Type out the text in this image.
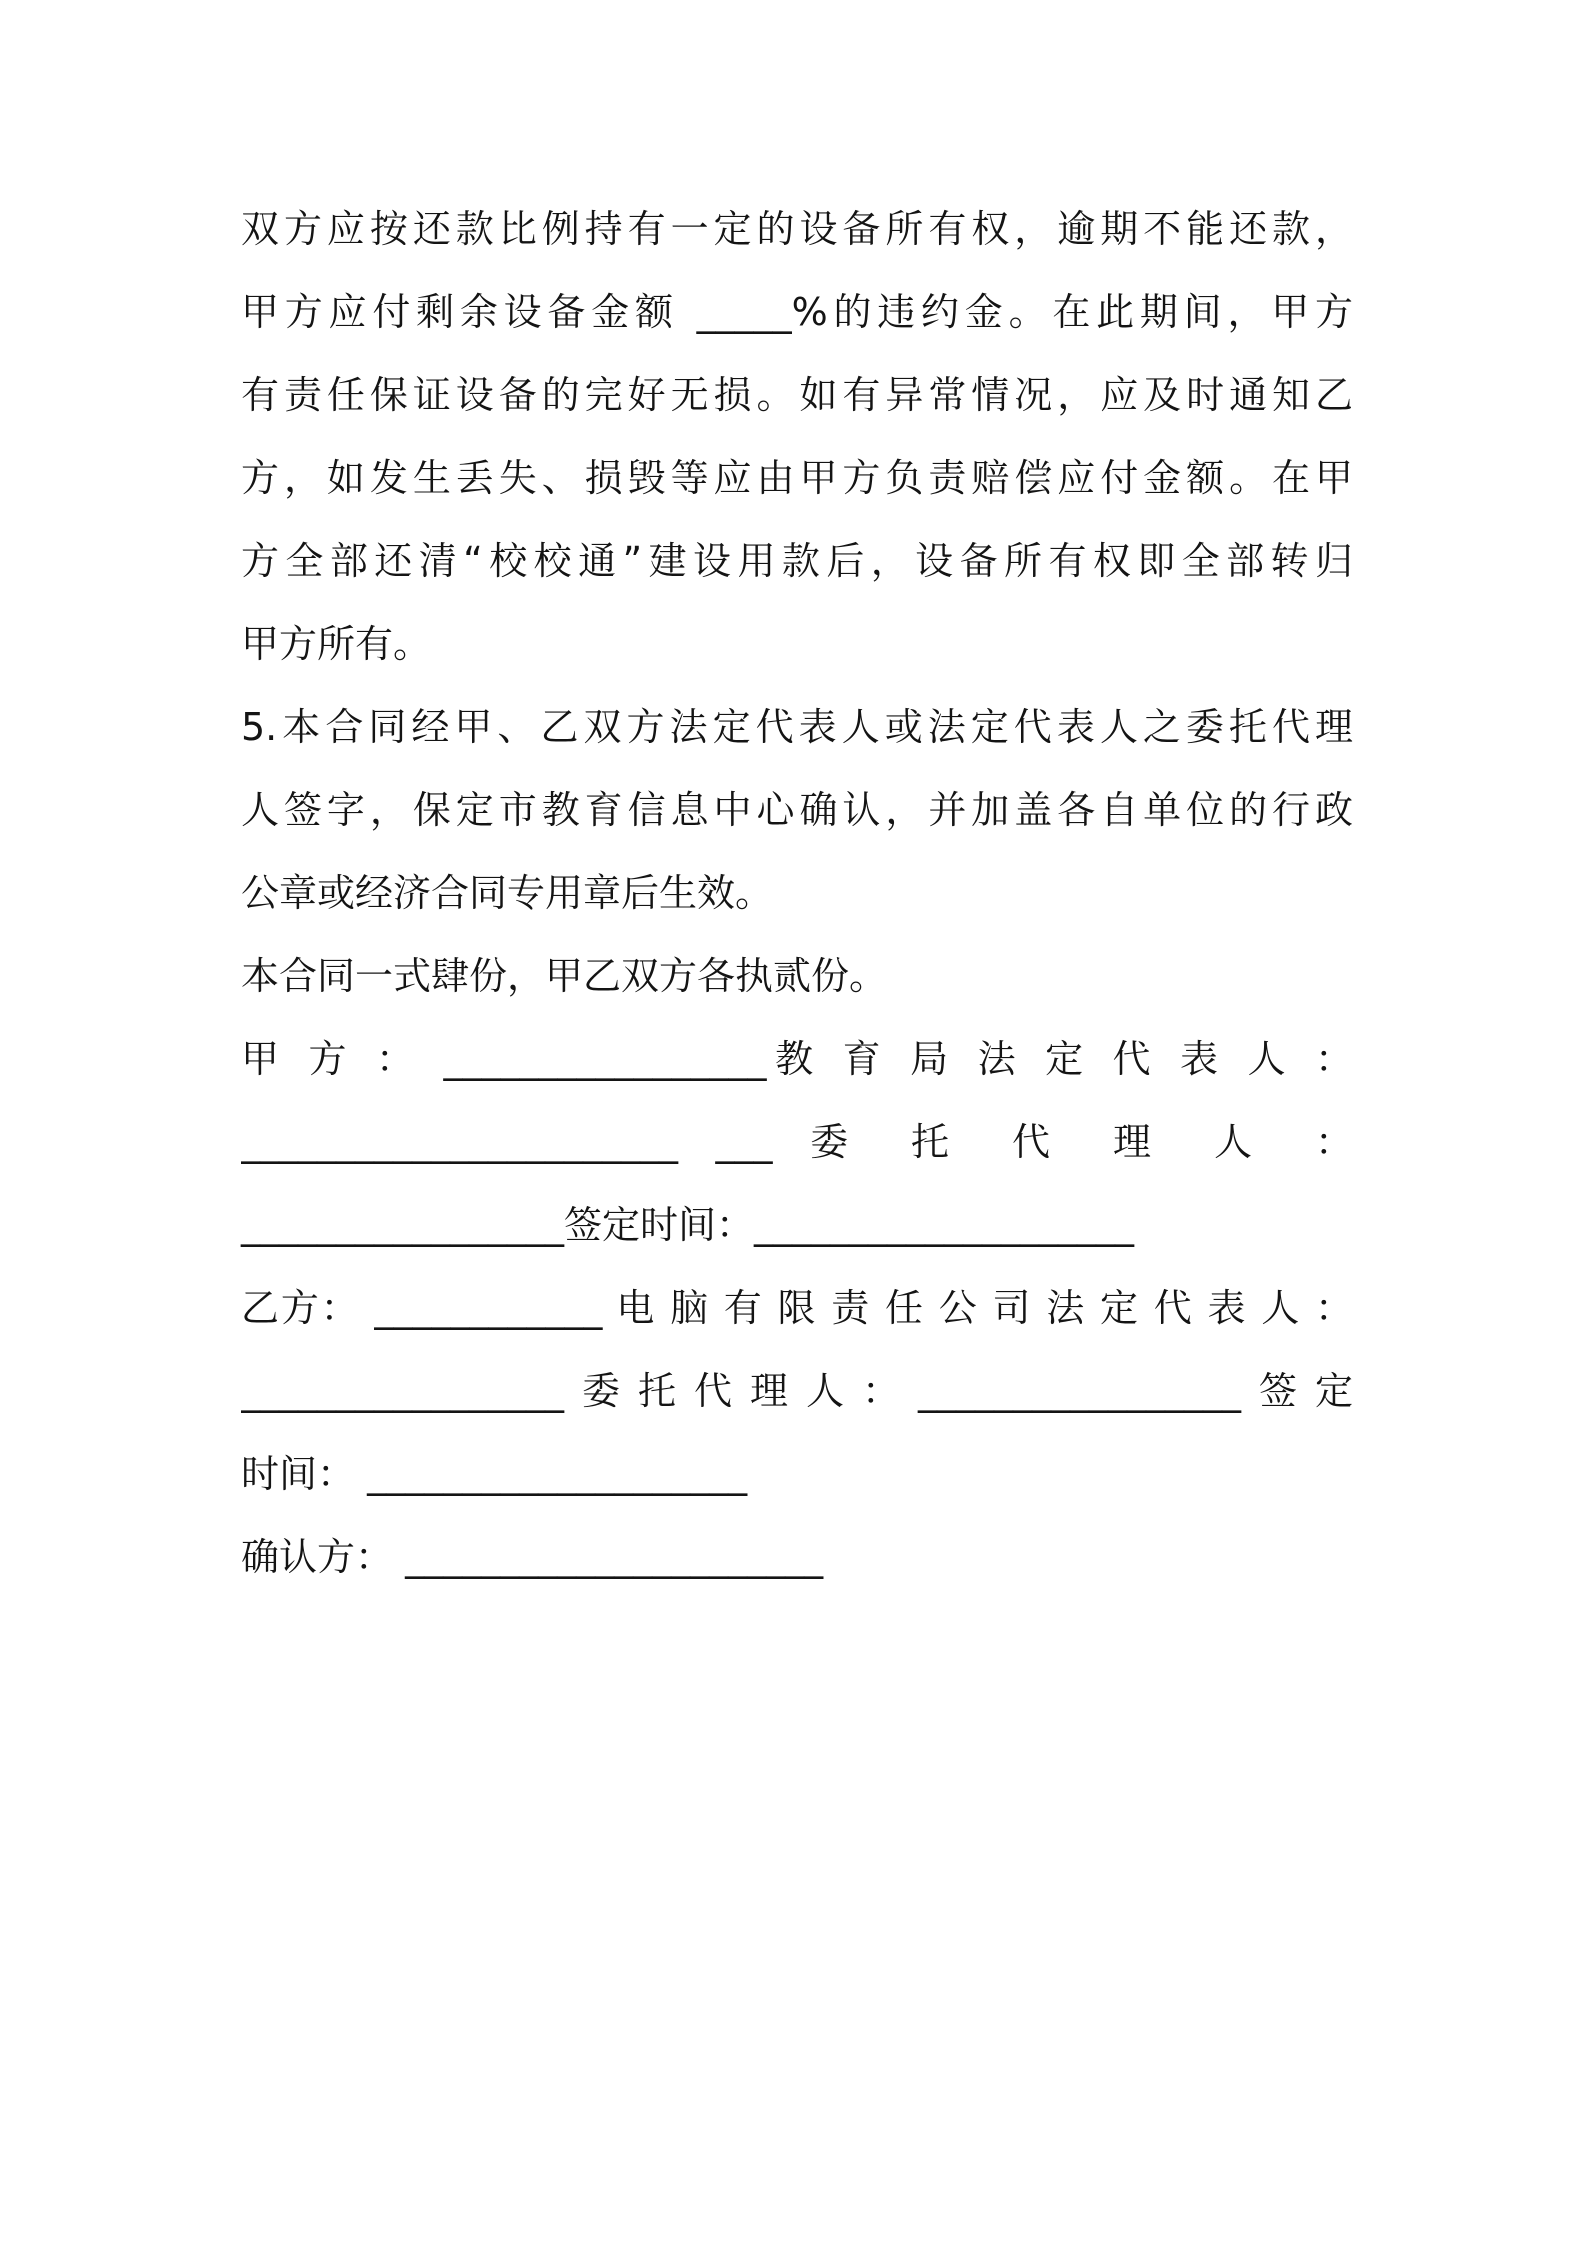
双方应按还款比例持有一定的设备所有权，逾期不能还款，
甲方应付剩余设备金额 _____%的违约金。在此期间，甲方
有责任保证设备的完好无损。如有异常情况，应及时通知乙
方，如发生丢失、损毁等应由甲方负责赔偿应付金额。在甲
方全部还清“校校通”建设用款后，设备所有权即全部转归
甲方所有。
5.本合同经甲、乙双方法定代表人或法定代表人之委托代理
人签字，保定市教育信息中心确认，并加盖各自单位的行政
公章或经济合同专用章后生效。
本合同一式肆份，甲乙双方各执贰份。
甲 方 ： _________________教 育 局 法 定 代 表 人 ：
_______________________ ___ 委 托 代 理 人 ：
_________________签定时间：____________________
乙方： ____________ 电 脑 有 限 责 任 公 司 法 定 代 表 人 ：
_________________委托代理人：_________________签定
时间： ____________________
确认方： ______________________
